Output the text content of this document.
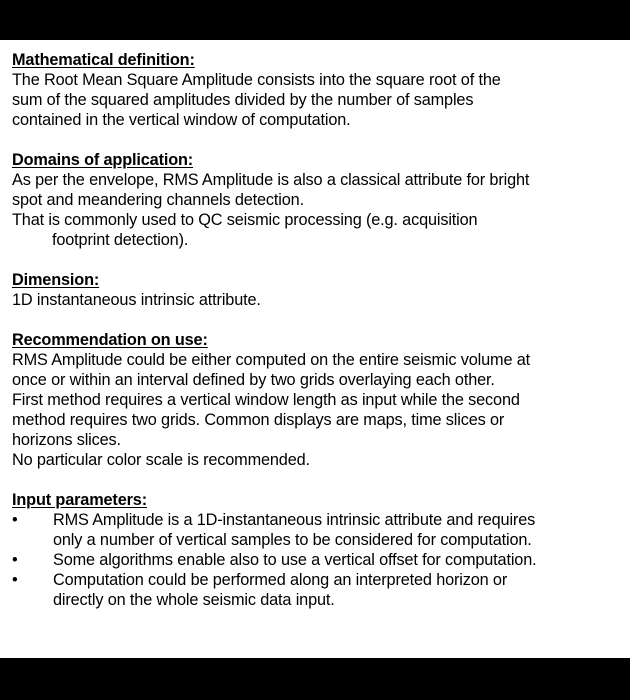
Mathematical definition:
The Root Mean Square Amplitude consists into the square root of the
sum of the squared amplitudes divided by the number of samples
contained in the vertical window of computation.
Domains of application:
As per the envelope, RMS Amplitude is also a classical attribute for bright
spot and meandering channels detection.
That is commonly used to QC seismic processing (e.g. acquisition
footprint detection).
Dimension:
1D instantaneous intrinsic attribute.
Recommendation on use:
RMS Amplitude could be either computed on the entire seismic volume at
once or within an interval defined by two grids overlaying each other.
First method requires a vertical window length as input while the second
method requires two grids. Common displays are maps, time slices or
horizons slices.
No particular color scale is recommended.
Input parameters:
•	RMS Amplitude is a 1D-instantaneous intrinsic attribute and requires
only a number of vertical samples to be considered for computation.
•	Some algorithms enable also to use a vertical offset for computation.
•	Computation could be performed along an interpreted horizon or
directly on the whole seismic data input.
